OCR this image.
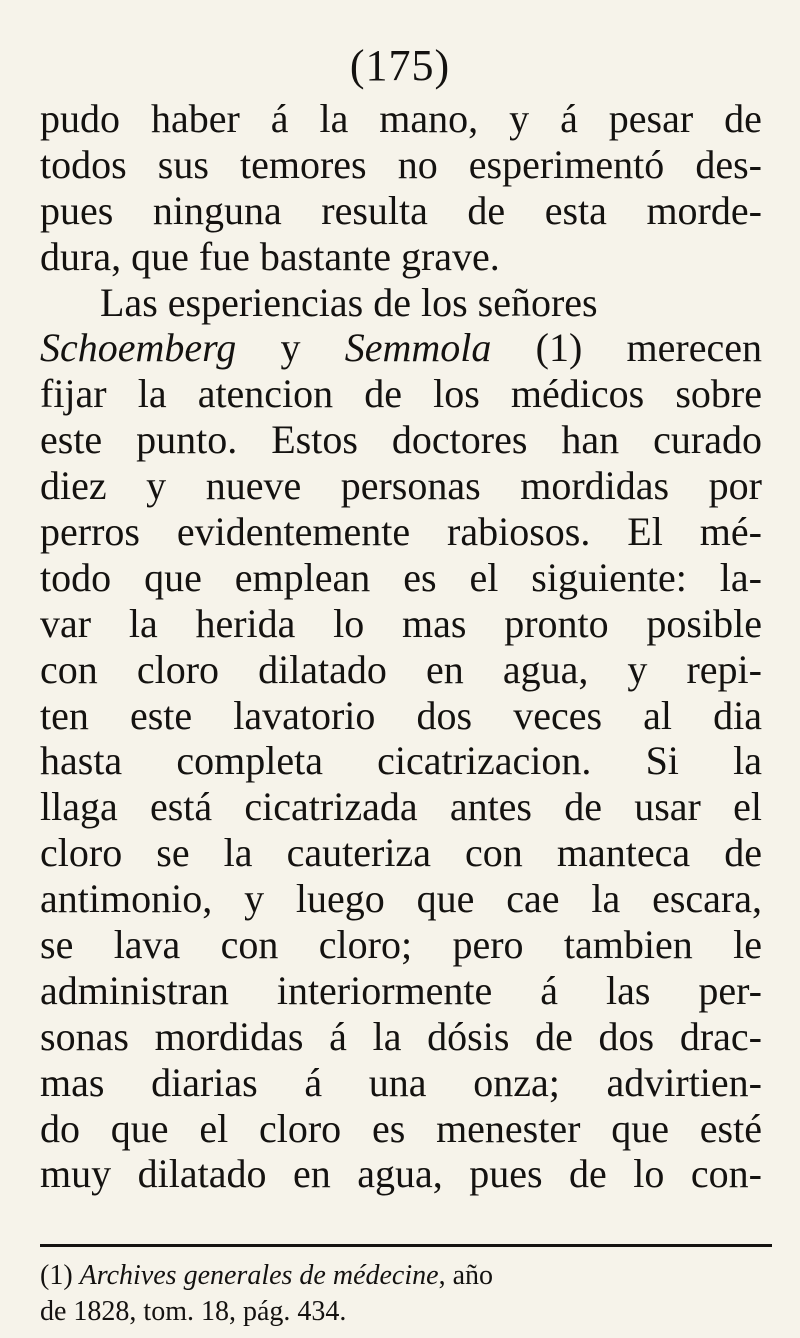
(175)
pudo haber á la mano, y á pesar de
todos sus temores no esperimentó des-
pues ninguna resulta de esta morde-
dura, que fue bastante grave.
Las esperiencias de los señores
Schoemberg y Semmola (1) merecen
fijar la atencion de los médicos sobre
este punto. Estos doctores han curado
diez y nueve personas mordidas por
perros evidentemente rabiosos. El mé-
todo que emplean es el siguiente: la-
var la herida lo mas pronto posible
con cloro dilatado en agua, y repi-
ten este lavatorio dos veces al dia
hasta completa cicatrizacion. Si la
llaga está cicatrizada antes de usar el
cloro se la cauteriza con manteca de
antimonio, y luego que cae la escara,
se lava con cloro; pero tambien le
administran interiormente á las per-
sonas mordidas á la dósis de dos drac-
mas diarias á una onza; advirtien-
do que el cloro es menester que esté
muy dilatado en agua, pues de lo con-
(1) Archives generales de médecine, año
de 1828, tom. 18, pág. 434.
